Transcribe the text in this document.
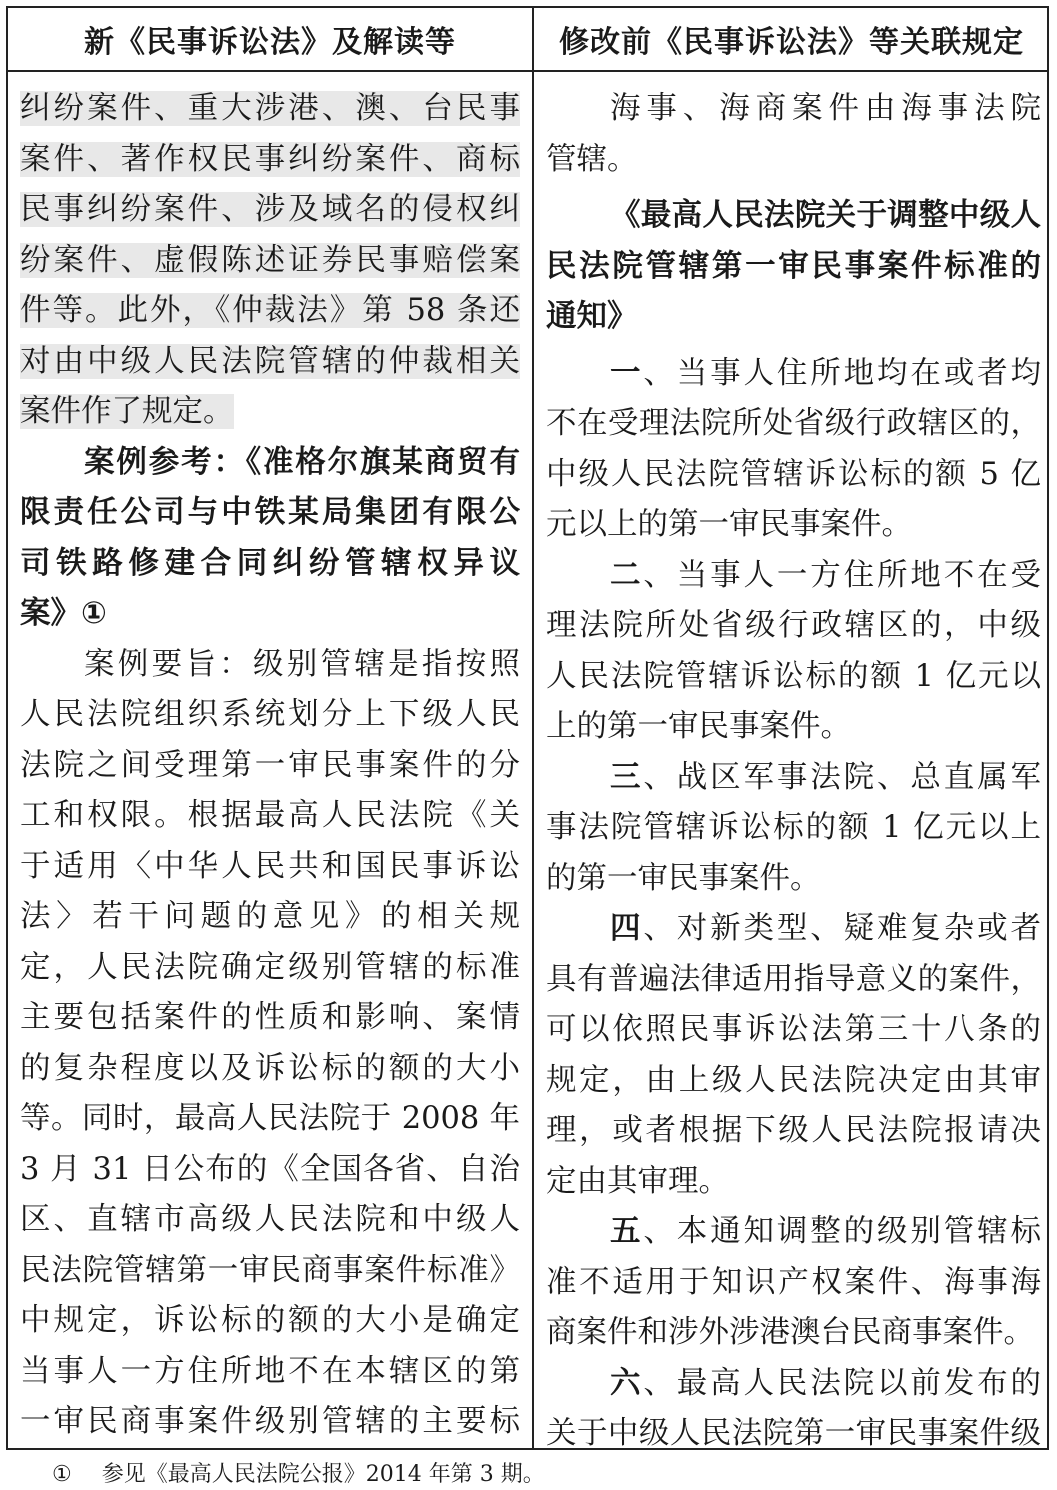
新《民事诉讼法》及解读等	修改前《民事诉讼法》等关联规定
纠纷案件、重大涉港、澳、台民事
案件、著作权民事纠纷案件、商标
民事纠纷案件、涉及域名的侵权纠
纷案件、虚假陈述证券民事赔偿案
件等。此外，《仲裁法》第 58 条还
对由中级人民法院管辖的仲裁相关
案件作了规定。
案例参考：《准格尔旗某商贸有
限责任公司与中铁某局集团有限公
司铁路修建合同纠纷管辖权异议
案》①
案例要旨：级别管辖是指按照
人民法院组织系统划分上下级人民
法院之间受理第一审民事案件的分
工和权限。根据最高人民法院《关
于适用〈中华人民共和国民事诉讼
法〉若干问题的意见》的相关规
定，人民法院确定级别管辖的标准
主要包括案件的性质和影响、案情
的复杂程度以及诉讼标的额的大小
等。同时，最高人民法院于 2008 年
3 月 31 日公布的《全国各省、自治
区、直辖市高级人民法院和中级人
民法院管辖第一审民商事案件标准》
中规定，诉讼标的额的大小是确定
当事人一方住所地不在本辖区的第
一审民商事案件级别管辖的主要标
海事、海商案件由海事法院
管辖。
《最高人民法院关于调整中级人
民法院管辖第一审民事案件标准的
通知》
一、当事人住所地均在或者均
不在受理法院所处省级行政辖区的，
中级人民法院管辖诉讼标的额 5 亿
元以上的第一审民事案件。
二、当事人一方住所地不在受
理法院所处省级行政辖区的，中级
人民法院管辖诉讼标的额 1 亿元以
上的第一审民事案件。
三、战区军事法院、总直属军
事法院管辖诉讼标的额 1 亿元以上
的第一审民事案件。
四、对新类型、疑难复杂或者
具有普遍法律适用指导意义的案件，
可以依照民事诉讼法第三十八条的
规定，由上级人民法院决定由其审
理，或者根据下级人民法院报请决
定由其审理。
五、本通知调整的级别管辖标
准不适用于知识产权案件、海事海
商案件和涉外涉港澳台民商事案件。
六、最高人民法院以前发布的
关于中级人民法院第一审民事案件级
① 参见《最高人民法院公报》2014 年第 3 期。
